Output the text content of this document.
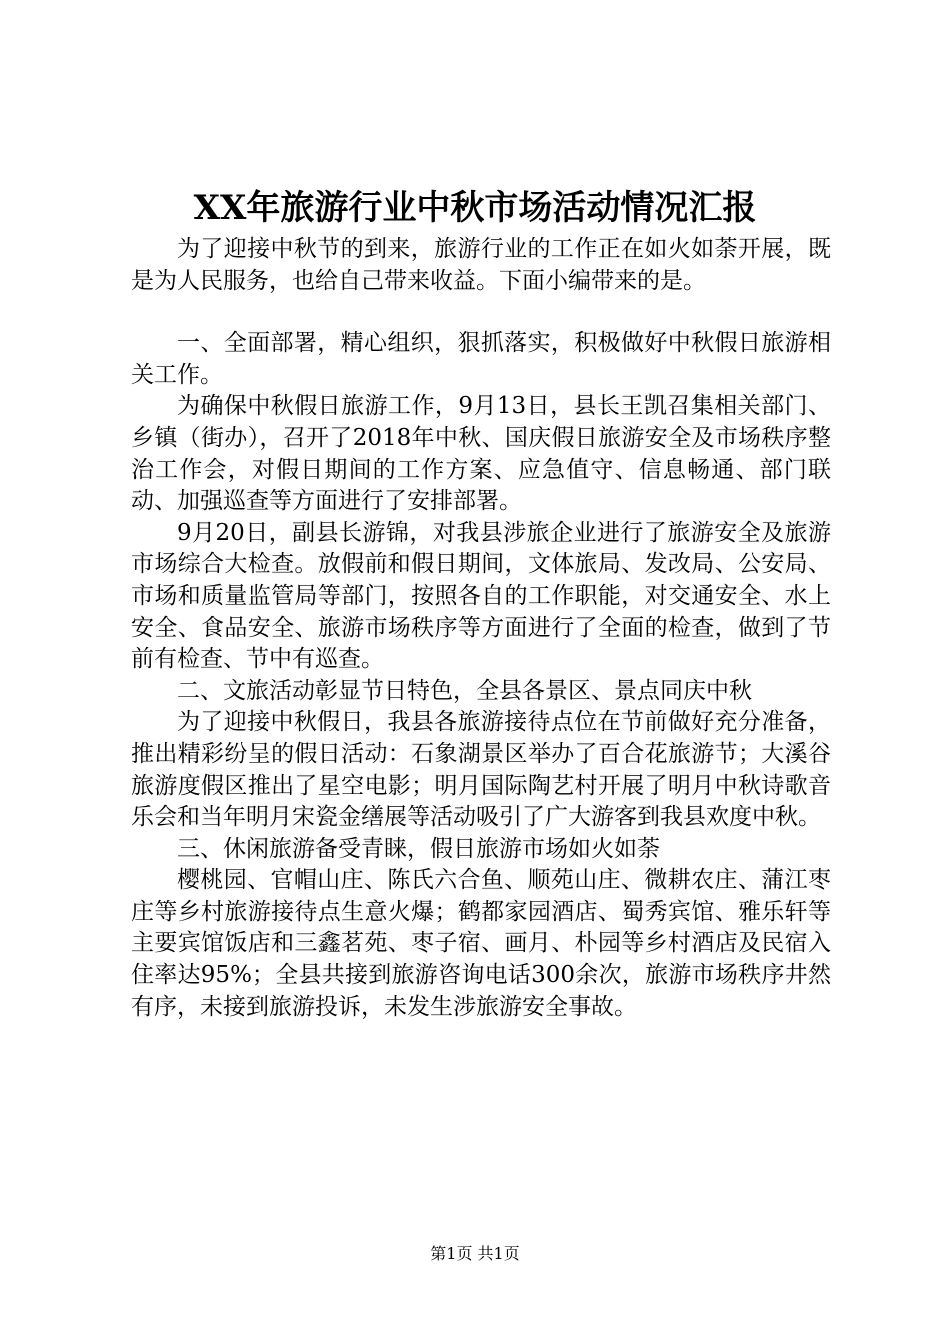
XX年旅游行业中秋市场活动情况汇报

为了迎接中秋节的到来，旅游行业的工作正在如火如荼开展，既是为人民服务，也给自己带来收益。下面小编带来的是。

一、全面部署，精心组织，狠抓落实，积极做好中秋假日旅游相关工作。

为确保中秋假日旅游工作，9月13日，县长王凯召集相关部门、乡镇（街办），召开了2018年中秋、国庆假日旅游安全及市场秩序整治工作会，对假日期间的工作方案、应急值守、信息畅通、部门联动、加强巡查等方面进行了安排部署。

9月20日，副县长游锦，对我县涉旅企业进行了旅游安全及旅游市场综合大检查。放假前和假日期间，文体旅局、发改局、公安局、市场和质量监管局等部门，按照各自的工作职能，对交通安全、水上安全、食品安全、旅游市场秩序等方面进行了全面的检查，做到了节前有检查、节中有巡查。

二、文旅活动彰显节日特色，全县各景区、景点同庆中秋

为了迎接中秋假日，我县各旅游接待点位在节前做好充分准备，推出精彩纷呈的假日活动：石象湖景区举办了百合花旅游节；大溪谷旅游度假区推出了星空电影；明月国际陶艺村开展了明月中秋诗歌音乐会和当年明月宋瓷金缮展等活动吸引了广大游客到我县欢度中秋。

三、休闲旅游备受青睐，假日旅游市场如火如荼

樱桃园、官帽山庄、陈氏六合鱼、顺苑山庄、微耕农庄、蒲江枣庄等乡村旅游接待点生意火爆；鹤都家园酒店、蜀秀宾馆、雅乐轩等主要宾馆饭店和三鑫茗苑、枣子宿、画月、朴园等乡村酒店及民宿入住率达95%；全县共接到旅游咨询电话300余次，旅游市场秩序井然有序，未接到旅游投诉，未发生涉旅游安全事故。

第1页 共1页
